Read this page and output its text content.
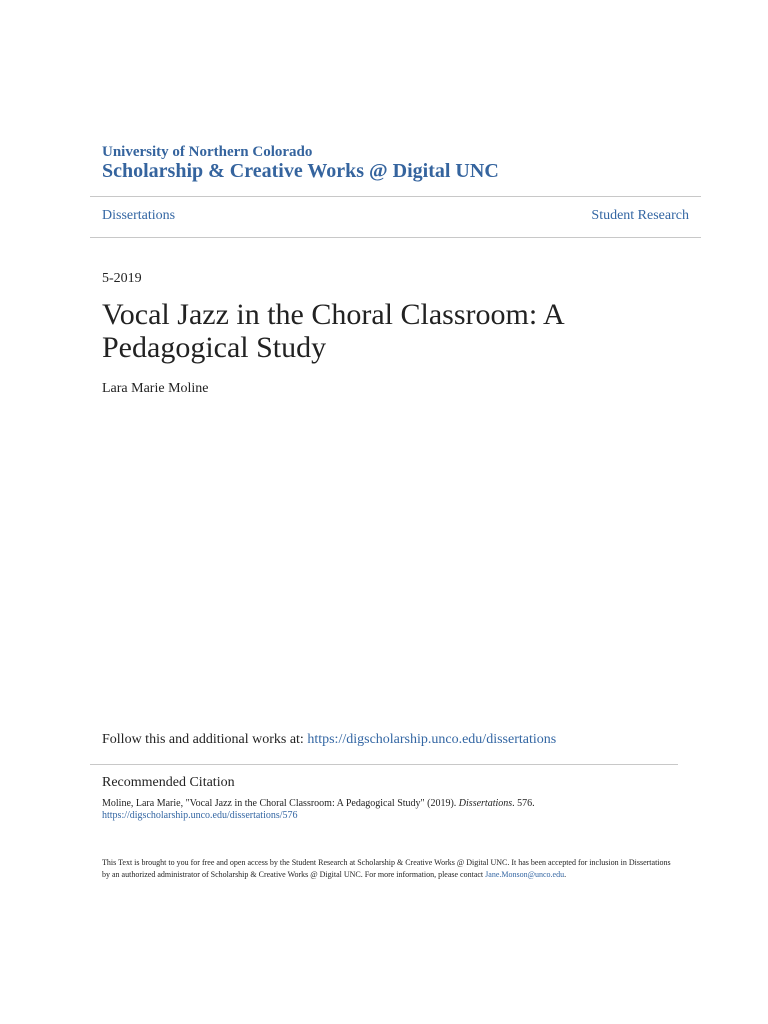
University of Northern Colorado
Scholarship & Creative Works @ Digital UNC
Dissertations	Student Research
5-2019
Vocal Jazz in the Choral Classroom: A Pedagogical Study
Lara Marie Moline
Follow this and additional works at: https://digscholarship.unco.edu/dissertations
Recommended Citation
Moline, Lara Marie, "Vocal Jazz in the Choral Classroom: A Pedagogical Study" (2019). Dissertations. 576.
https://digscholarship.unco.edu/dissertations/576
This Text is brought to you for free and open access by the Student Research at Scholarship & Creative Works @ Digital UNC. It has been accepted for inclusion in Dissertations by an authorized administrator of Scholarship & Creative Works @ Digital UNC. For more information, please contact Jane.Monson@unco.edu.
